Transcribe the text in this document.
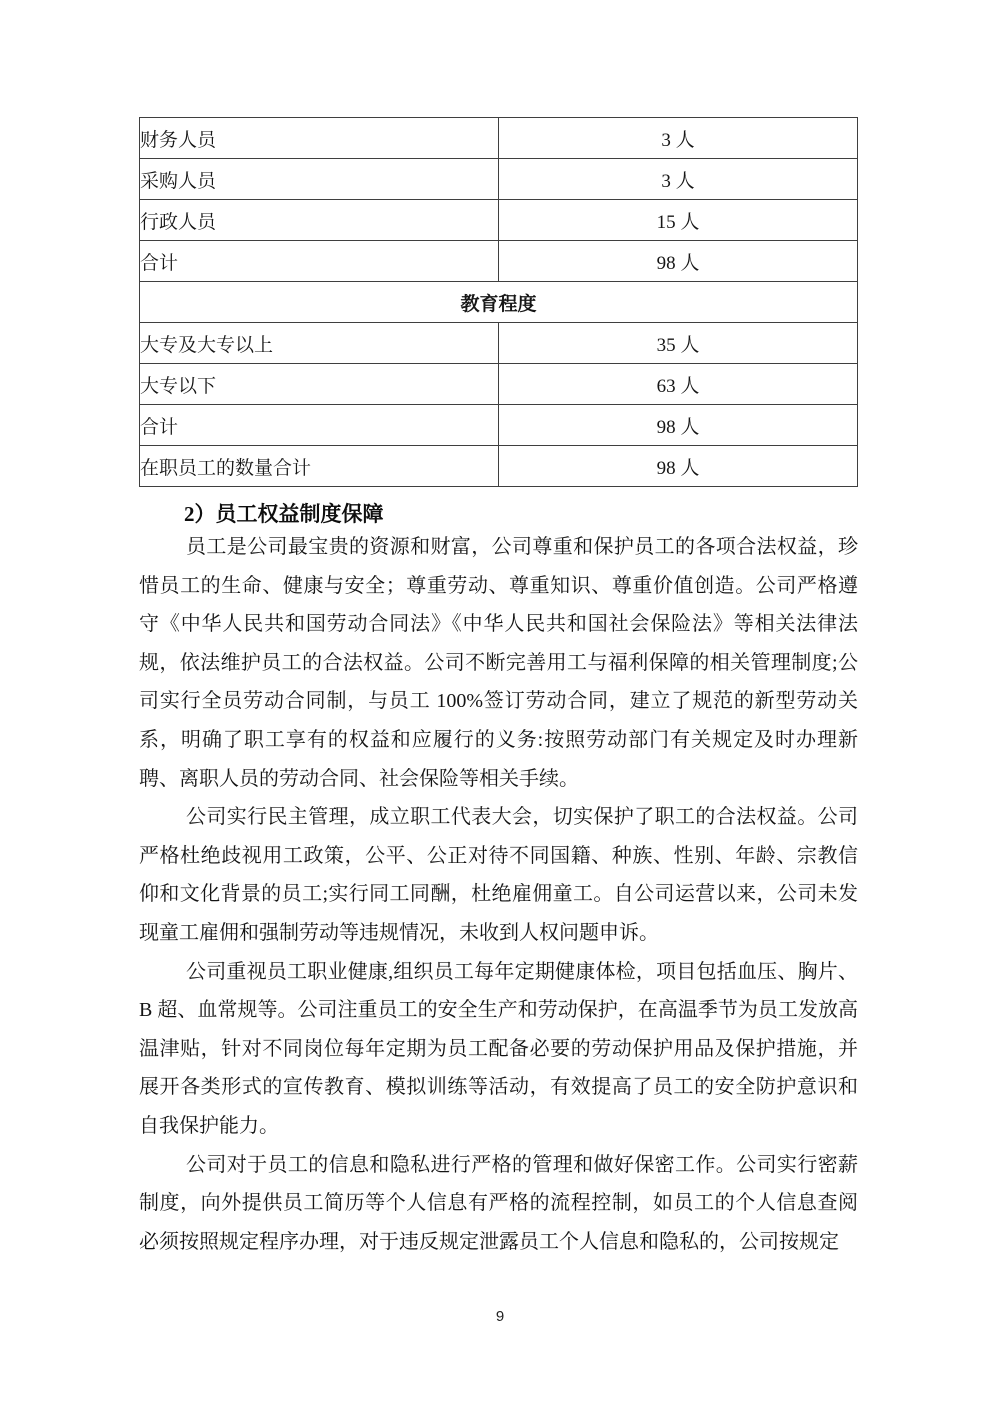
财务人员	3 人
采购人员	3 人
行政人员	15 人
合计	98 人
教育程度	
大专及大专以上	35 人
大专以下	63 人
合计	98 人
在职员工的数量合计	98 人
2）员工权益制度保障

员工是公司最宝贵的资源和财富，公司尊重和保护员工的各项合法权益，珍惜员工的生命、健康与安全；尊重劳动、尊重知识、尊重价值创造。公司严格遵守《中华人民共和国劳动合同法》《中华人民共和国社会保险法》等相关法律法规，依法维护员工的合法权益。公司不断完善用工与福利保障的相关管理制度;公司实行全员劳动合同制，与员工 100%签订劳动合同，建立了规范的新型劳动关系，明确了职工享有的权益和应履行的义务:按照劳动部门有关规定及时办理新聘、离职人员的劳动合同、社会保险等相关手续。

公司实行民主管理，成立职工代表大会，切实保护了职工的合法权益。公司严格杜绝歧视用工政策，公平、公正对待不同国籍、种族、性别、年龄、宗教信仰和文化背景的员工;实行同工同酬，杜绝雇佣童工。自公司运营以来，公司未发现童工雇佣和强制劳动等违规情况，未收到人权问题申诉。

公司重视员工职业健康,组织员工每年定期健康体检，项目包括血压、胸片、B 超、血常规等。公司注重员工的安全生产和劳动保护，在高温季节为员工发放高温津贴，针对不同岗位每年定期为员工配备必要的劳动保护用品及保护措施，并展开各类形式的宣传教育、模拟训练等活动，有效提高了员工的安全防护意识和自我保护能力。

公司对于员工的信息和隐私进行严格的管理和做好保密工作。公司实行密薪制度，向外提供员工简历等个人信息有严格的流程控制，如员工的个人信息查阅必须按照规定程序办理，对于违反规定泄露员工个人信息和隐私的，公司按规定

9
